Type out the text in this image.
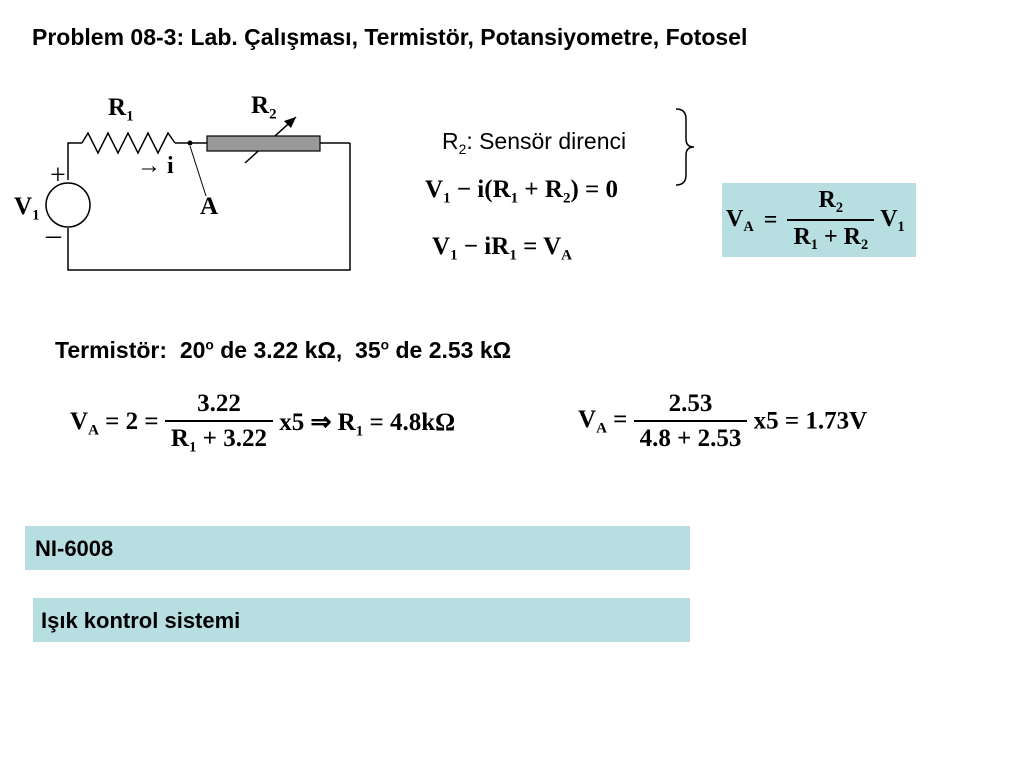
Problem 08-3: Lab. Çalışması, Termistör, Potansiyometre, Fotosel
$R_1$	$R_2$
$V_1$
+
–
→ i
A
$R_2$: Sensör direnci
$V_1 - i(R_1 + R_2) = 0$
$V_1 - iR_1 = V_A$
$V_A = \frac{R_2}{R_1 + R_2} V_1$
Termistör: 20$^o$ de 3.22 kΩ, 35$^o$ de 2.53 kΩ
$V_A = 2 = \frac{3.22}{R_1 + 3.22} x5$ ⇒ $R_1 = 4.8k\Omega$	$V_A = \frac{2.53}{4.8 + 2.53} x5 = 1.73V$
NI-6008
Işık kontrol sistemi
